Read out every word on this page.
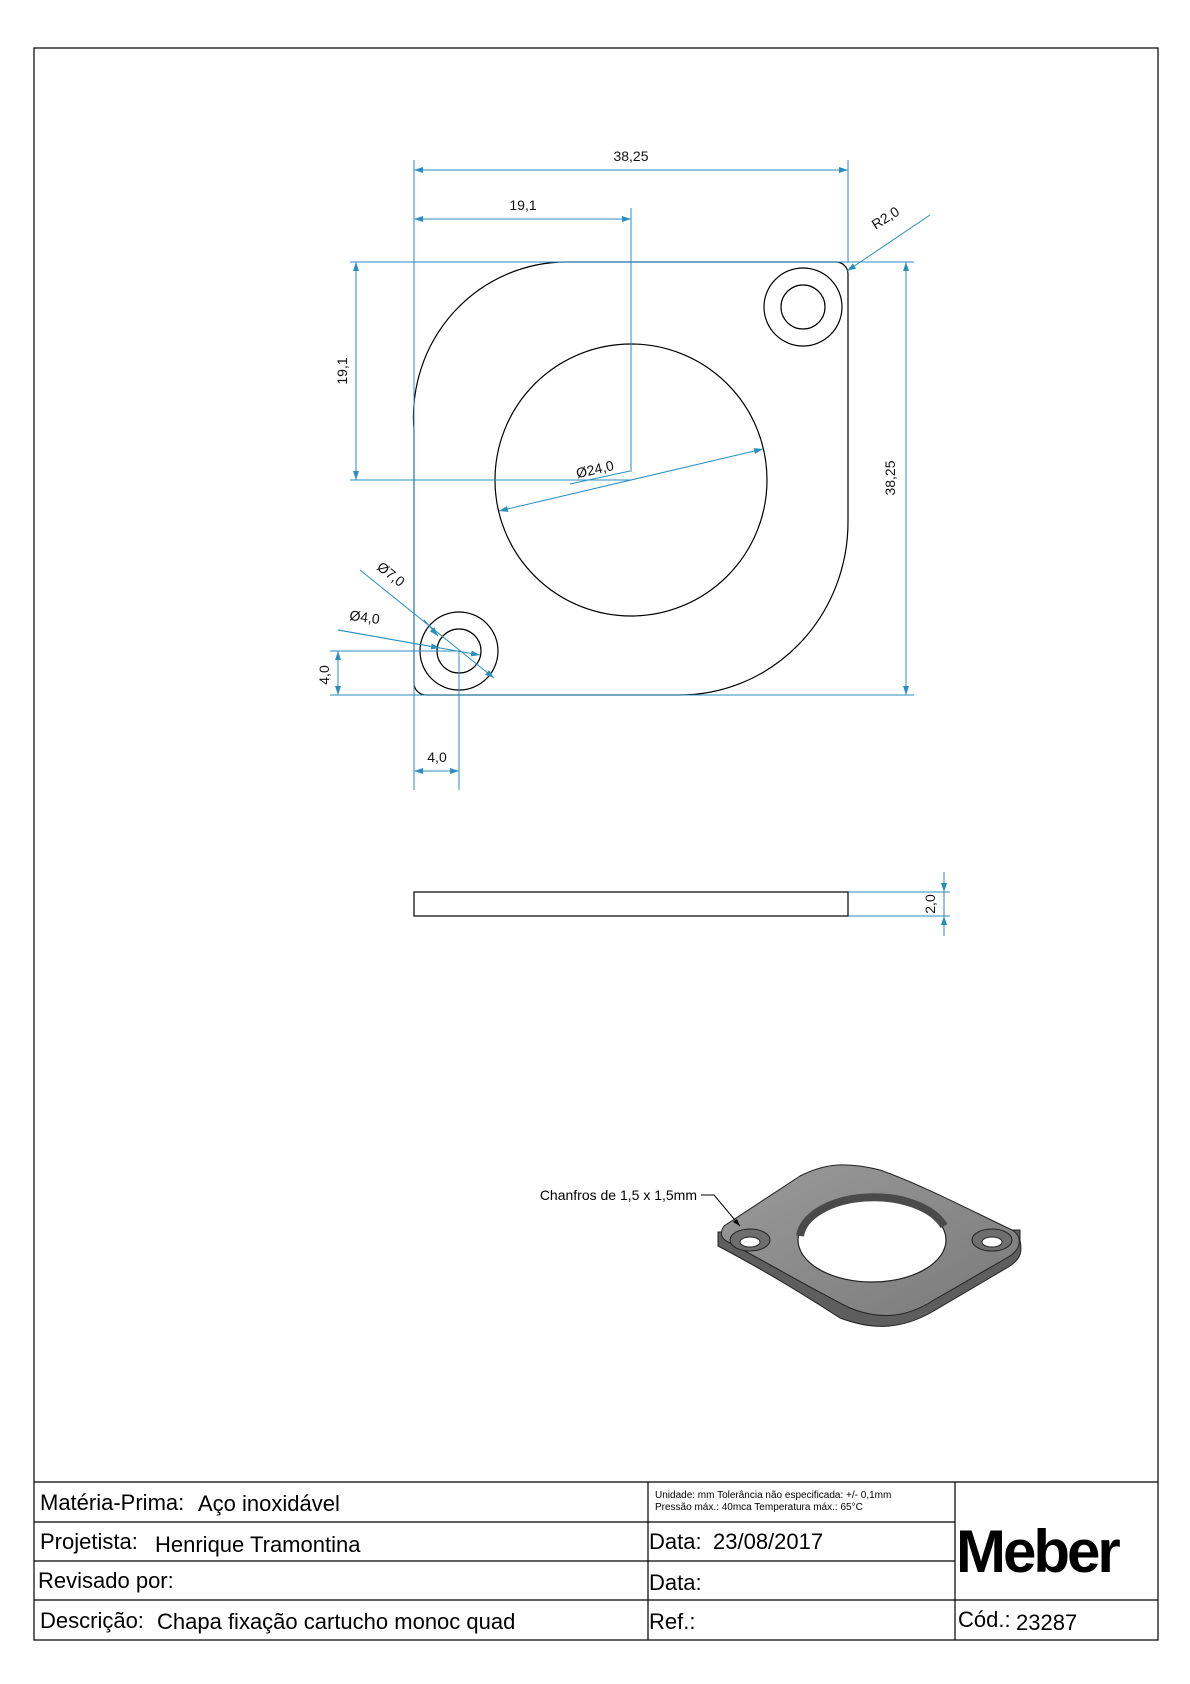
38,25
19,1	R2,0
19,1
38,25
Ø24,0
Ø7,0
Ø4,0
4,0
4,0
2,0
Chanfros de 1,5 x 1,5mm
Matéria-Prima: Aço inoxidável
Projetista: Henrique Tramontina
Revisado por:
Descrição: Chapa fixação cartucho monoc quad
Unidade: mm Tolerância não especificada: +/- 0,1mm
Pressão máx.: 40mca Temperatura máx.: 65°C
Data: 23/08/2017
Data:
Ref.:	Cód.: 23287
Meber
